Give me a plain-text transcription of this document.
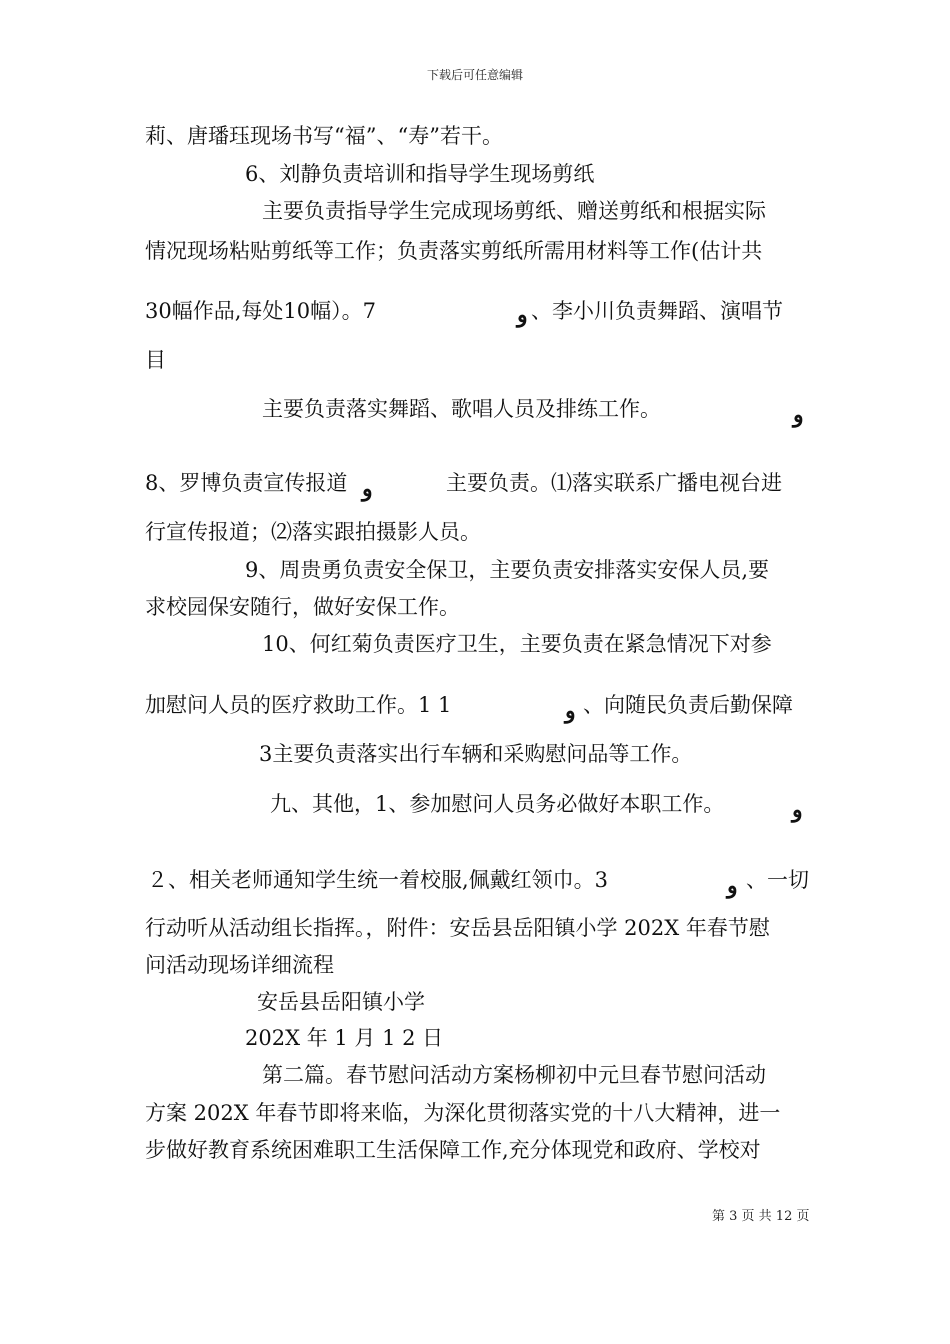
下载后可任意编辑
莉、唐璠珏现场书写“福”、“寿”若干。
6、刘静负责培训和指导学生现场剪纸
主要负责指导学生完成现场剪纸、赠送剪纸和根据实际
情况现场粘贴剪纸等工作；负责落实剪纸所需用材料等工作(估计共
30幅作品,每处10幅）。7	و 、李小川负责舞蹈、演唱节
目
主要负责落实舞蹈、歌唱人员及排练工作。	و
8、罗博负责宣传报道 و	主要负责。⑴落实联系广播电视台进
行宣传报道；⑵落实跟拍摄影人员。
9、周贵勇负责安全保卫，主要负责安排落实安保人员,要
求校园保安随行，做好安保工作。
10、何红菊负责医疗卫生，主要负责在紧急情况下对参
加慰问人员的医疗救助工作。1 1	و 、向随民负责后勤保障
3主要负责落实出行车辆和采购慰问品等工作。
九、其他，1、参加慰问人员务必做好本职工作。	و
２、相关老师通知学生统一着校服,佩戴红领巾。3	و 、一切
行动听从活动组长指挥。，附件：安岳县岳阳镇小学 202X 年春节慰
问活动现场详细流程
安岳县岳阳镇小学
202X 年 1 月 1 2 日
第二篇。春节慰问活动方案杨柳初中元旦春节慰问活动
方案 202X 年春节即将来临，为深化贯彻落实党的十八大精神，进一
步做好教育系统困难职工生活保障工作,充分体现党和政府、学校对
第 3 页 共 12 页
